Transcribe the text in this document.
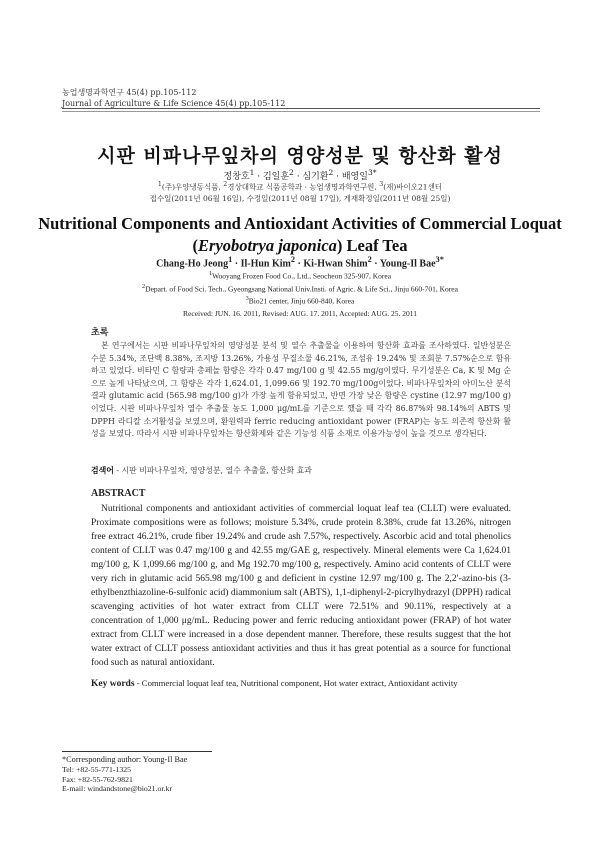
농업생명과학연구 45(4) pp.105-112
Journal of Agriculture & Life Science 45(4) pp.105-112
시판 비파나무잎차의 영양성분 및 항산화 활성
정창호$^1$ · 김일훈$^2$ · 심기환$^2$ · 배영일$^{3*}$
$^1$(주)우양냉동식품, $^2$경상대학교 식품공학과 · 농업생명과학연구원, $^3$(재)바이오21센터
접수일(2011년 06월 16일), 수정일(2011년 08월 17일), 게재확정일(2011년 08월 25일)
Nutritional Components and Antioxidant Activities of Commercial Loquat
(Eryobotrya japonica) Leaf Tea
Chang-Ho Jeong$^1$ · Il-Hun Kim$^2$ · Ki-Hwan Shim$^2$ · Young-Il Bae$^{3*}$
$^1$Wooyang Frozen Food Co., Ltd., Seocheon 325-907, Korea
$^2$Depart. of Food Sci. Tech., Gyeongsang National Univ.Insti. of Agric. & Life Sci., Jinju 660-701, Korea
$^3$Bio21 center, Jinju 660-840, Korea
Received: JUN. 16. 2011, Revised: AUG. 17. 2011, Accepted: AUG. 25. 2011
초록
본 연구에서는 시판 비파나무잎차의 영양성분 분석 및 열수 추출물을 이용하여 항산화 효과를 조사하였다. 일반성분은 수분 5.34%, 조단백 8.38%, 조지방 13.26%, 가용성 무질소물 46.21%, 조섬유 19.24% 및 조회분 7.57%순으로 함유하고 있었다. 비타민 C 함량과 총페놀 함량은 각각 0.47 mg/100 g 및 42.55 mg/g이였다. 무기성분은 Ca, K 및 Mg 순으로 높게 나타났으며, 그 함량은 각각 1,624.01, 1,099.66 및 192.70 mg/100g이었다. 비파나무잎차의 아미노산 분석 결과 glutamic acid (565.98 mg/100 g)가 가장 높게 함유되었고, 반면 가장 낮은 함량은 cystine (12.97 mg/100 g)이었다. 시판 비파나무잎차 열수 추출물 농도 1,000 μg/mL를 기준으로 했을 때 각각 86.87%와 98.14%의 ABTS 및 DPPH 라디칼 소거활성을 보였으며, 환원력과 ferric reducing antioxidant power (FRAP)는 농도 의존적 항산화 활성을 보였다. 따라서 시판 비파나무잎차는 항산화제와 같은 기능성 식품 소재로 이용가능성이 높을 것으로 생각된다.
검색어 - 시판 비파나무잎차, 영양성분, 열수 추출물, 항산화 효과
ABSTRACT
Nutritional components and antioxidant activities of commercial loquat leaf tea (CLLT) were evaluated. Proximate compositions were as follows; moisture 5.34%, crude protein 8.38%, crude fat 13.26%, nitrogen free extract 46.21%, crude fiber 19.24% and crude ash 7.57%, respectively. Ascorbic acid and total phenolics content of CLLT was 0.47 mg/100 g and 42.55 mg/GAE g, respectively. Mineral elements were Ca 1,624.01 mg/100 g, K 1,099.66 mg/100 g, and Mg 192.70 mg/100 g, respectively. Amino acid contents of CLLT were very rich in glutamic acid 565.98 mg/100 g and deficient in cystine 12.97 mg/100 g. The 2,2′-azino-bis (3-ethylbenzthiazoline-6-sulfonic acid) diammonium salt (ABTS), 1,1-diphenyl-2-picrylhydrazyl (DPPH) radical scavenging activities of hot water extract from CLLT were 72.51% and 90.11%, respectively at a concentration of 1,000 μg/mL. Reducing power and ferric reducing antioxidant power (FRAP) of hot water extract from CLLT were increased in a dose dependent manner. Therefore, these results suggest that the hot water extract of CLLT possess antioxidant activities and thus it has great potential as a source for functional food such as natural antioxidant.
Key words - Commercial loquat leaf tea, Nutritional component, Hot water extract, Antioxidant activity
*Corresponding author: Young-Il Bae
Tel: +82-55-771-1325
Fax: +82-55-762-9821
E-mail: windandstone@bio21.or.kr
